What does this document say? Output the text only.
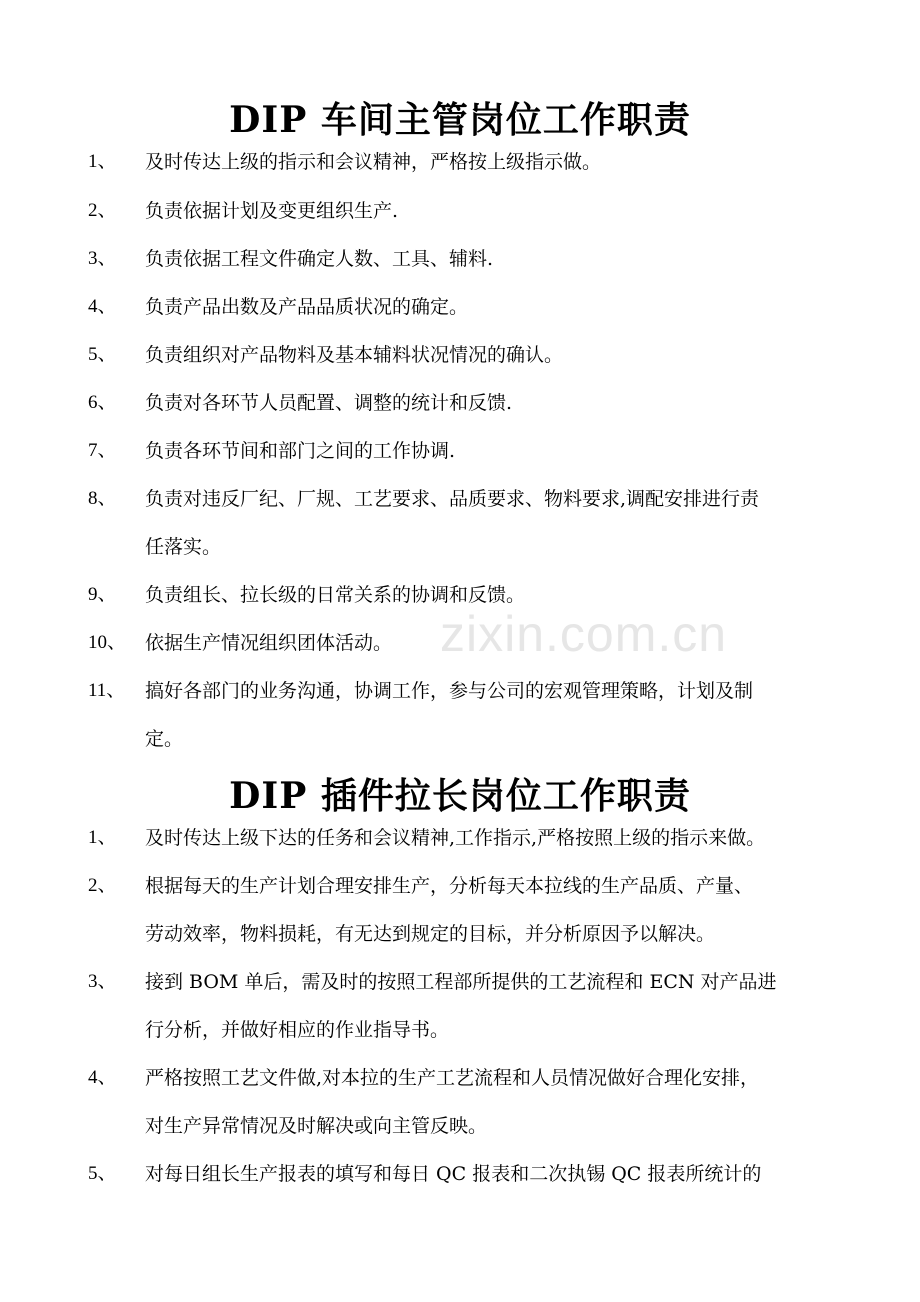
zixin.com.cn
DIP 车间主管岗位工作职责
1、 及时传达上级的指示和会议精神，严格按上级指示做。
2、 负责依据计划及变更组织生产.
3、 负责依据工程文件确定人数、工具、辅料.
4、 负责产品出数及产品品质状况的确定。
5、 负责组织对产品物料及基本辅料状况情况的确认。
6、 负责对各环节人员配置、调整的统计和反馈.
7、 负责各环节间和部门之间的工作协调.
8、 负责对违反厂纪、厂规、工艺要求、品质要求、物料要求,调配安排进行责
任落实。
9、 负责组长、拉长级的日常关系的协调和反馈。
10、 依据生产情况组织团体活动。
11、 搞好各部门的业务沟通，协调工作，参与公司的宏观管理策略，计划及制
定。
DIP 插件拉长岗位工作职责
1、 及时传达上级下达的任务和会议精神,工作指示,严格按照上级的指示来做。
2、 根据每天的生产计划合理安排生产，分析每天本拉线的生产品质、产量、
劳动效率，物料损耗，有无达到规定的目标，并分析原因予以解决。
3、 接到 BOM 单后，需及时的按照工程部所提供的工艺流程和 ECN 对产品进
行分析，并做好相应的作业指导书。
4、 严格按照工艺文件做,对本拉的生产工艺流程和人员情况做好合理化安排，
对生产异常情况及时解决或向主管反映。
5、 对每日组长生产报表的填写和每日 QC 报表和二次执锡 QC 报表所统计的
